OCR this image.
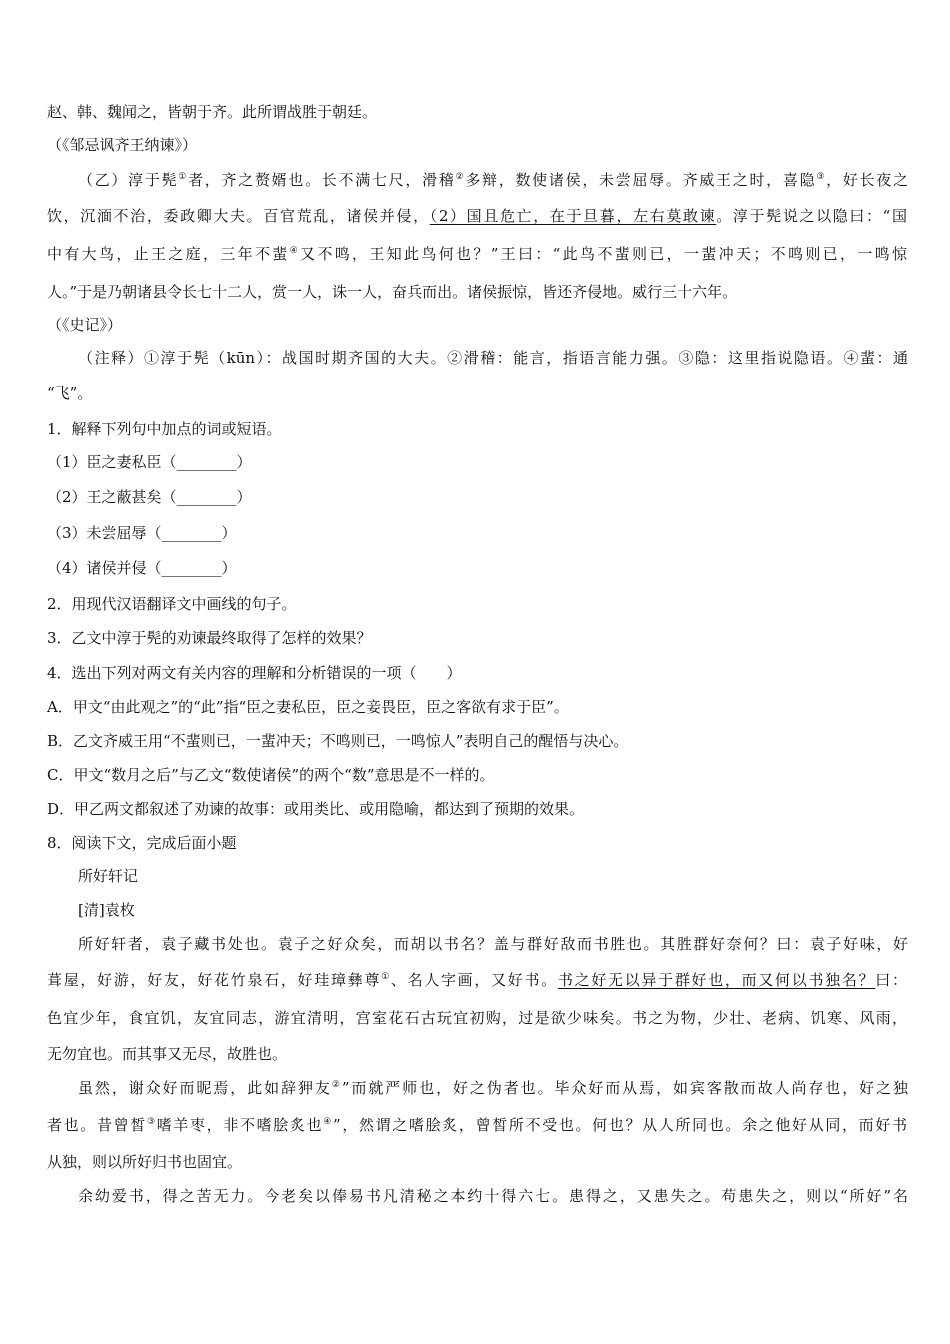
赵、韩、魏闻之，皆朝于齐。此所谓战胜于朝廷。
（《邹忌讽齐王纳谏》）
（乙）淳于髡①者，齐之赘婿也。长不满七尺，滑稽②多辩，数使诸侯，未尝屈辱。齐威王之时，喜隐③，好长夜之
饮，沉湎不治，委政卿大夫。百官荒乱，诸侯并侵，（2）国且危亡，在于旦暮，左右莫敢谏。淳于髡说之以隐曰：“国
中有大鸟，止王之庭，三年不蜚④又不鸣，王知此鸟何也？”王曰：“此鸟不蜚则已，一蜚冲天；不鸣则已，一鸣惊
人。”于是乃朝诸县令长七十二人，赏一人，诛一人，奋兵而出。诸侯振惊，皆还齐侵地。威行三十六年。
（《史记》）
（注释）①淳于髡（kūn）：战国时期齐国的大夫。②滑稽：能言，指语言能力强。③隐：这里指说隐语。④蜚：通
“飞”。
1．解释下列句中加点的词或短语。
（1）臣之妻私臣（________）
（2）王之蔽甚矣（________）
（3）未尝屈辱（________）
（4）诸侯并侵（________）
2．用现代汉语翻译文中画线的句子。
3．乙文中淳于髡的劝谏最终取得了怎样的效果？
4．选出下列对两文有关内容的理解和分析错误的一项（　　）
A．甲文“由此观之”的“此”指“臣之妻私臣，臣之妾畏臣，臣之客欲有求于臣”。
B．乙文齐威王用“不蜚则已，一蜚冲天；不鸣则已，一鸣惊人”表明自己的醒悟与决心。
C．甲文“数月之后”与乙文“数使诸侯”的两个“数”意思是不一样的。
D．甲乙两文都叙述了劝谏的故事：或用类比、或用隐喻，都达到了预期的效果。
8．阅读下文，完成后面小题
所好轩记
[清]袁枚
所好轩者，袁子藏书处也。袁子之好众矣，而胡以书名？盖与群好敌而书胜也。其胜群好奈何？曰：袁子好味，好
葺屋，好游，好友，好花竹泉石，好珪璋彝尊①、名人字画，又好书。书之好无以异于群好也，而又何以书独名？曰：
色宜少年，食宜饥，友宜同志，游宜清明，宫室花石古玩宜初购，过是欲少味矣。书之为物，少壮、老病、饥寒、风雨，
无勿宜也。而其事又无尽，故胜也。
虽然，谢众好而昵焉，此如辞狎友②”而就严师也，好之伪者也。毕众好而从焉，如宾客散而故人尚存也，好之独
者也。昔曾皙③嗜羊枣，非不嗜脍炙也④”，然谓之嗜脍炙，曾皙所不受也。何也？从人所同也。余之他好从同，而好书
从独，则以所好归书也固宜。
余幼爱书，得之苦无力。今老矣以俸易书凡清秘之本约十得六七。患得之，又患失之。苟患失之，则以“所好”名
